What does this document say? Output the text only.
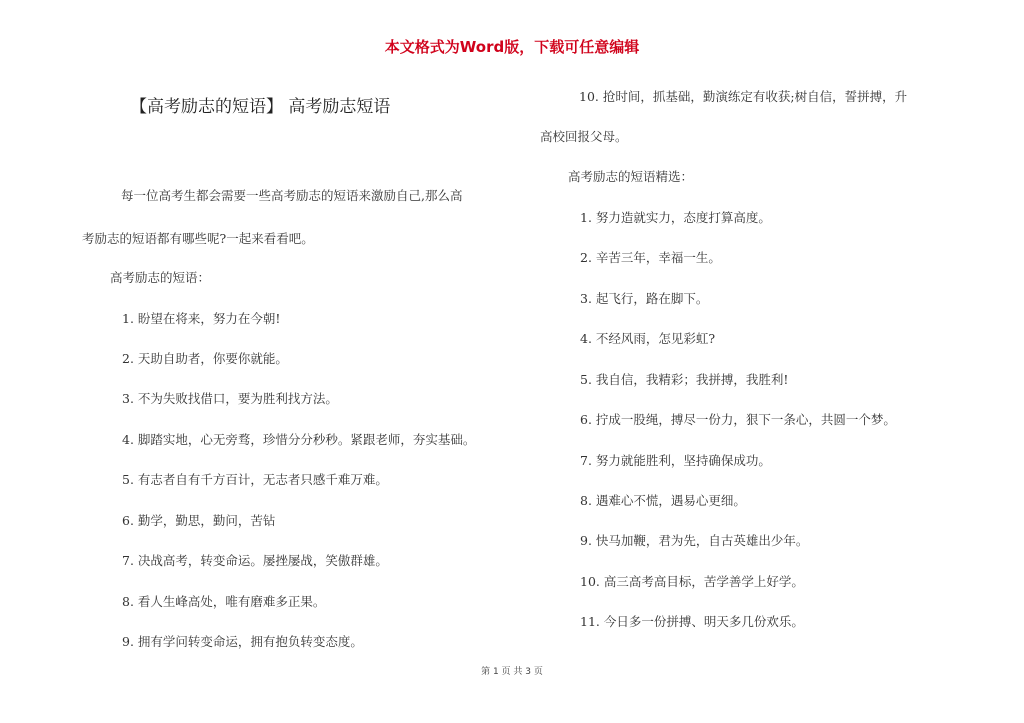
本文格式为Word版，下载可任意编辑
【高考励志的短语】 高考励志短语
每一位高考生都会需要一些高考励志的短语来激励自己,那么高
考励志的短语都有哪些呢?一起来看看吧。
高考励志的短语：
1. 盼望在将来，努力在今朝!
2. 天助自助者，你要你就能。
3. 不为失败找借口，要为胜利找方法。
4. 脚踏实地，心无旁骛，珍惜分分秒秒。紧跟老师，夯实基础。
5. 有志者自有千方百计，无志者只感千难万难。
6. 勤学，勤思，勤问，苦钻
7. 决战高考，转变命运。屡挫屡战，笑傲群雄。
8. 看人生峰高处，唯有磨难多正果。
9. 拥有学问转变命运，拥有抱负转变态度。
10. 抢时间，抓基础，勤演练定有收获;树自信，誓拼搏，升
高校回报父母。
高考励志的短语精选：
1. 努力造就实力，态度打算高度。
2. 辛苦三年，幸福一生。
3. 起飞行，路在脚下。
4. 不经风雨，怎见彩虹?
5. 我自信，我精彩；我拼搏，我胜利!
6. 拧成一股绳，搏尽一份力，狠下一条心，共圆一个梦。
7. 努力就能胜利，坚持确保成功。
8. 遇难心不慌，遇易心更细。
9. 快马加鞭，君为先，自古英雄出少年。
10. 高三高考高目标，苦学善学上好学。
11. 今日多一份拼搏、明天多几份欢乐。
第 1 页 共 3 页
